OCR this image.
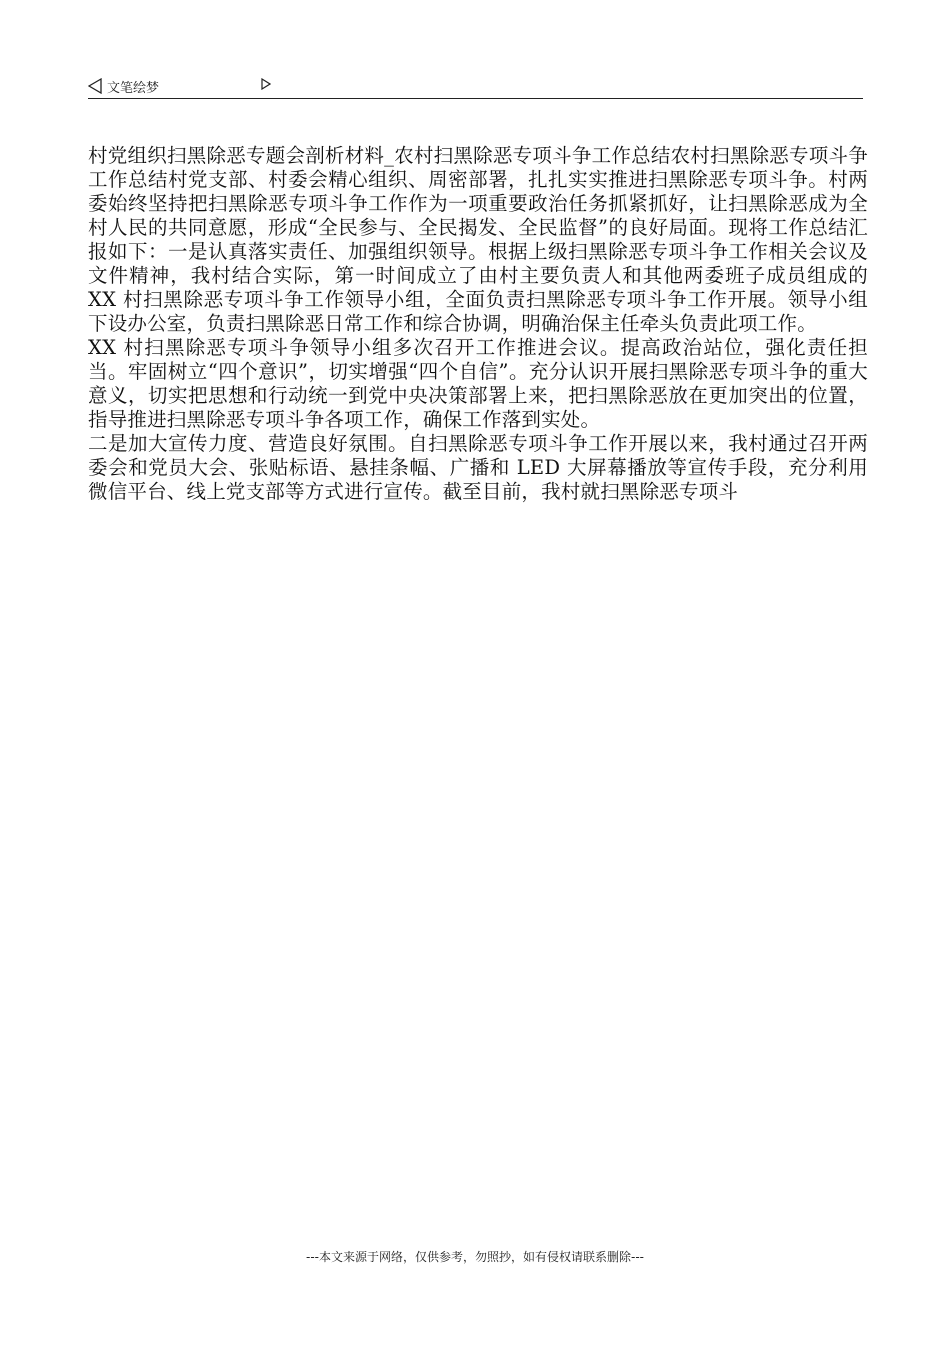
文笔绘梦

村党组织扫黑除恶专题会剖析材料_农村扫黑除恶专项斗争工作总结农村扫黑除恶专项斗争工作总结村党支部、村委会精心组织、周密部署，扎扎实实推进扫黑除恶专项斗争。村两委始终坚持把扫黑除恶专项斗争工作作为一项重要政治任务抓紧抓好，让扫黑除恶成为全村人民的共同意愿，形成“全民参与、全民揭发、全民监督”的良好局面。现将工作总结汇报如下：一是认真落实责任、加强组织领导。根据上级扫黑除恶专项斗争工作相关会议及文件精神，我村结合实际，第一时间成立了由村主要负责人和其他两委班子成员组成的 XX 村扫黑除恶专项斗争工作领导小组，全面负责扫黑除恶专项斗争工作开展。领导小组下设办公室，负责扫黑除恶日常工作和综合协调，明确治保主任牵头负责此项工作。

XX 村扫黑除恶专项斗争领导小组多次召开工作推进会议。提高政治站位，强化责任担当。牢固树立“四个意识”，切实增强“四个自信”。充分认识开展扫黑除恶专项斗争的重大意义，切实把思想和行动统一到党中央决策部署上来，把扫黑除恶放在更加突出的位置，指导推进扫黑除恶专项斗争各项工作，确保工作落到实处。

二是加大宣传力度、营造良好氛围。自扫黑除恶专项斗争工作开展以来，我村通过召开两委会和党员大会、张贴标语、悬挂条幅、广播和 LED 大屏幕播放等宣传手段，充分利用微信平台、线上党支部等方式进行宣传。截至目前，我村就扫黑除恶专项斗

---本文来源于网络，仅供参考，勿照抄，如有侵权请联系删除---
